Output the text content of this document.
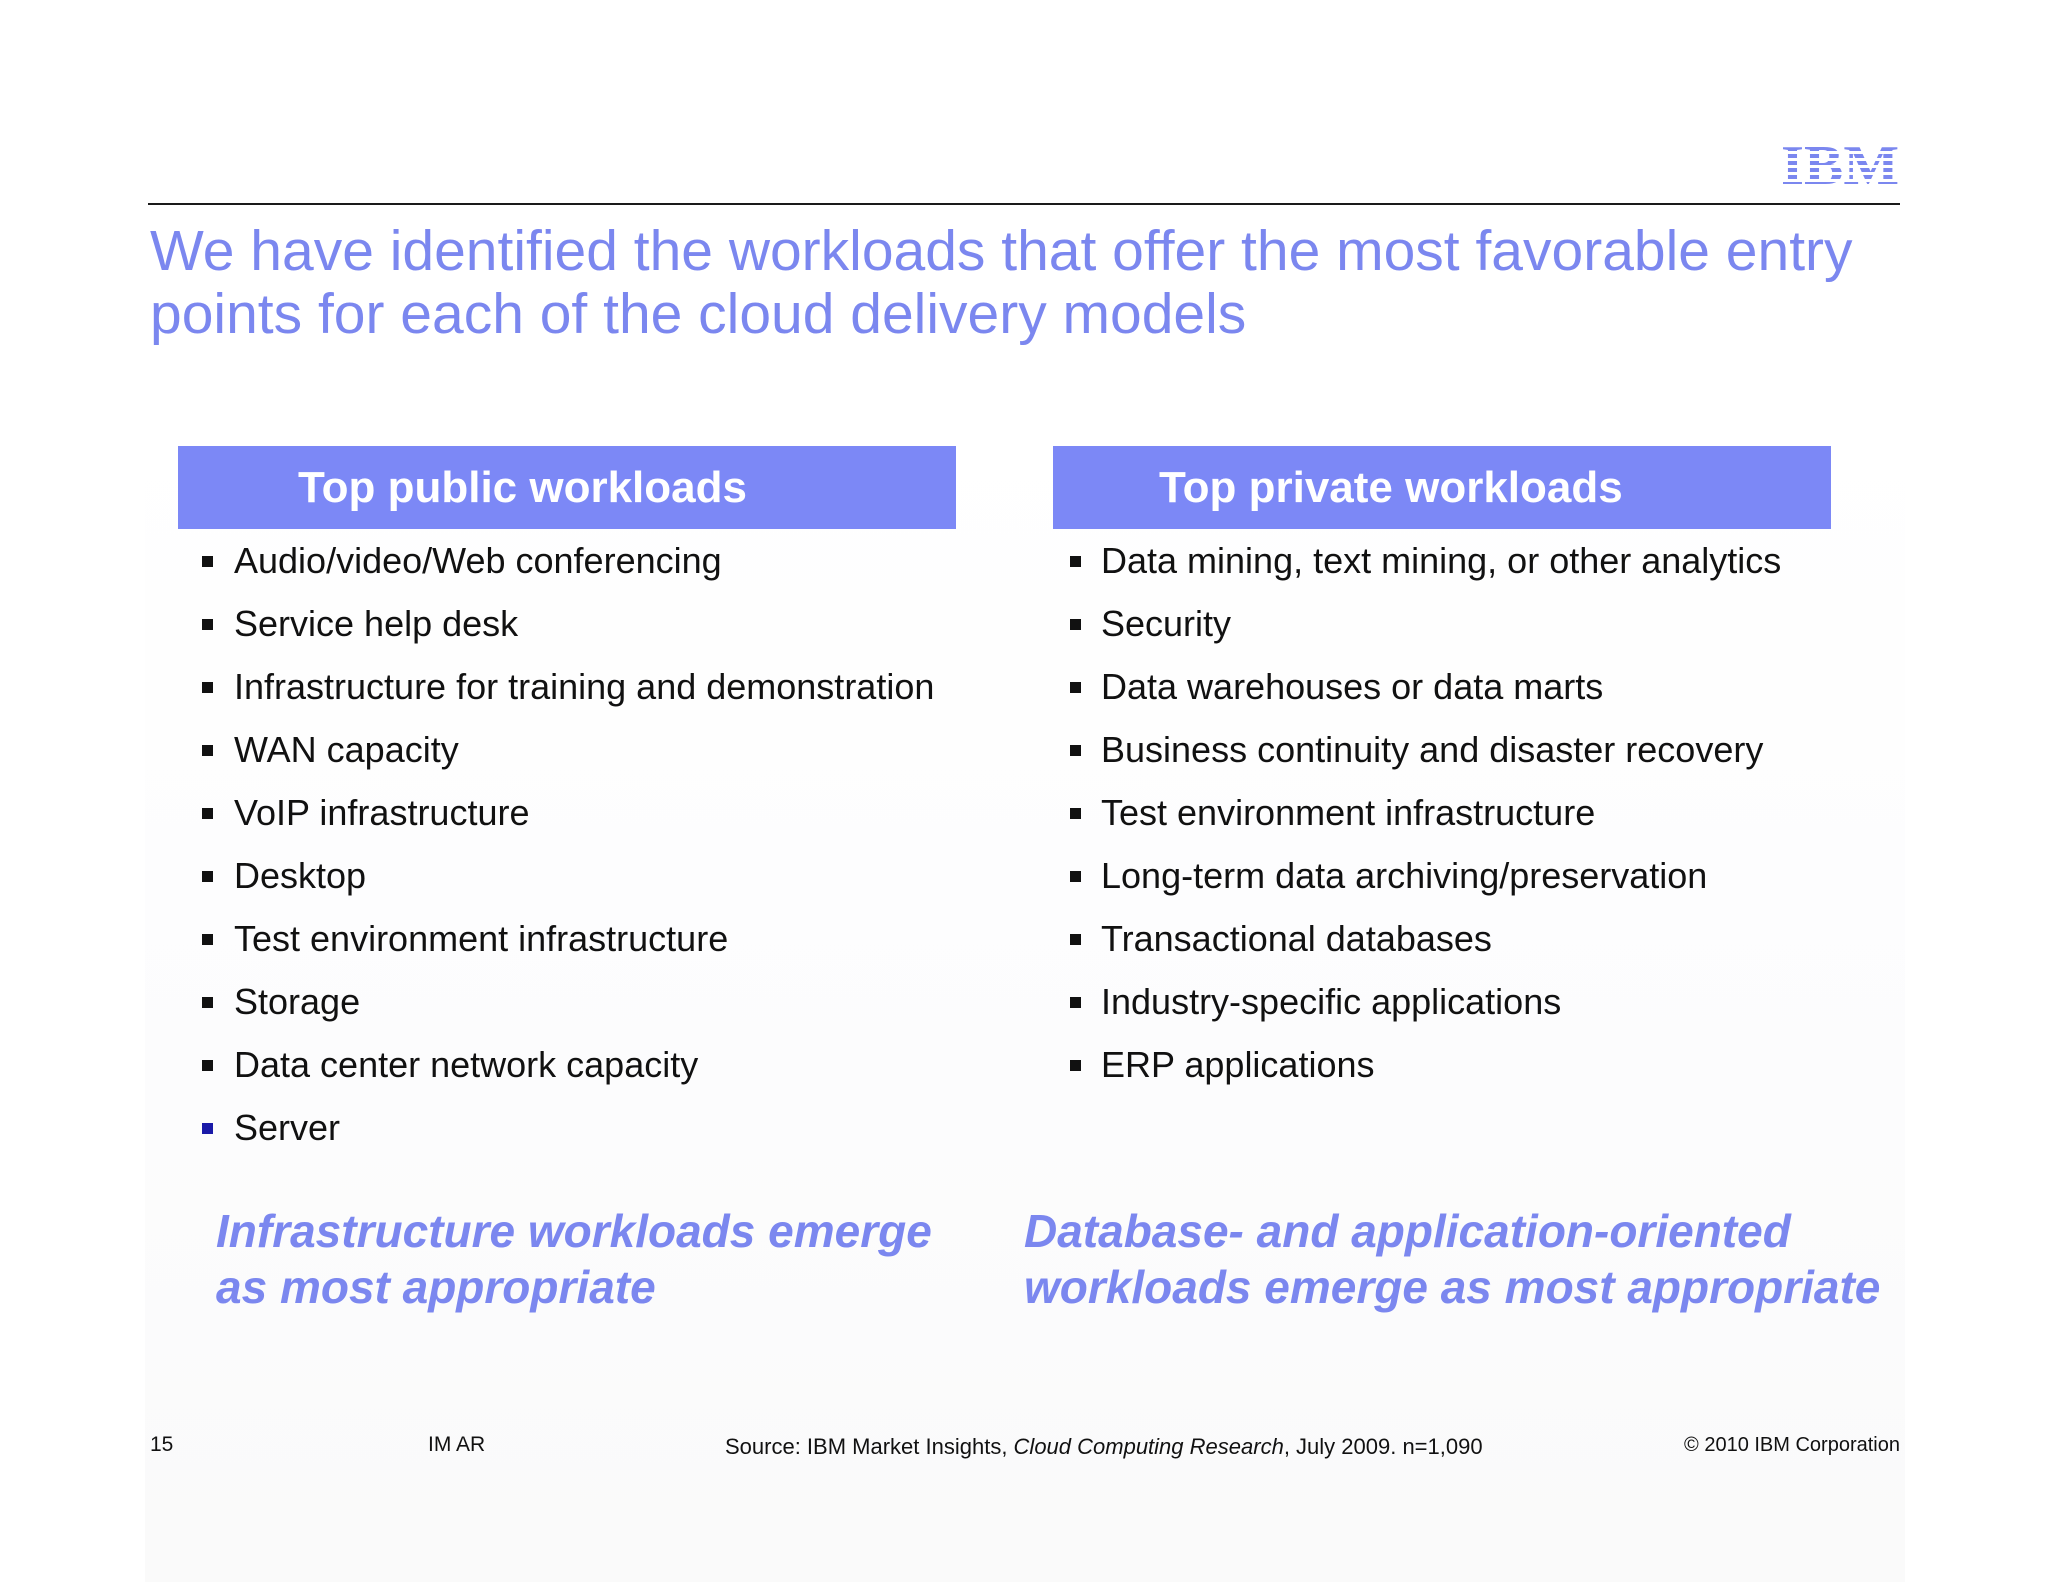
We have identified the workloads that offer the most favorable entry points for each of the cloud delivery models
Top public workloads
Audio/video/Web conferencing
Service help desk
Infrastructure for training and demonstration
WAN capacity
VoIP infrastructure
Desktop
Test environment infrastructure
Storage
Data center network capacity
Server
Top private workloads
Data mining, text mining, or other analytics
Security
Data warehouses or data marts
Business continuity and disaster recovery
Test environment infrastructure
Long-term data archiving/preservation
Transactional databases
Industry-specific applications
ERP applications

Infrastructure workloads emerge as most appropriate

Database- and application-oriented workloads emerge as most appropriate

15	IM AR	Source: IBM Market Insights, Cloud Computing Research, July 2009. n=1,090	© 2010 IBM Corporation
